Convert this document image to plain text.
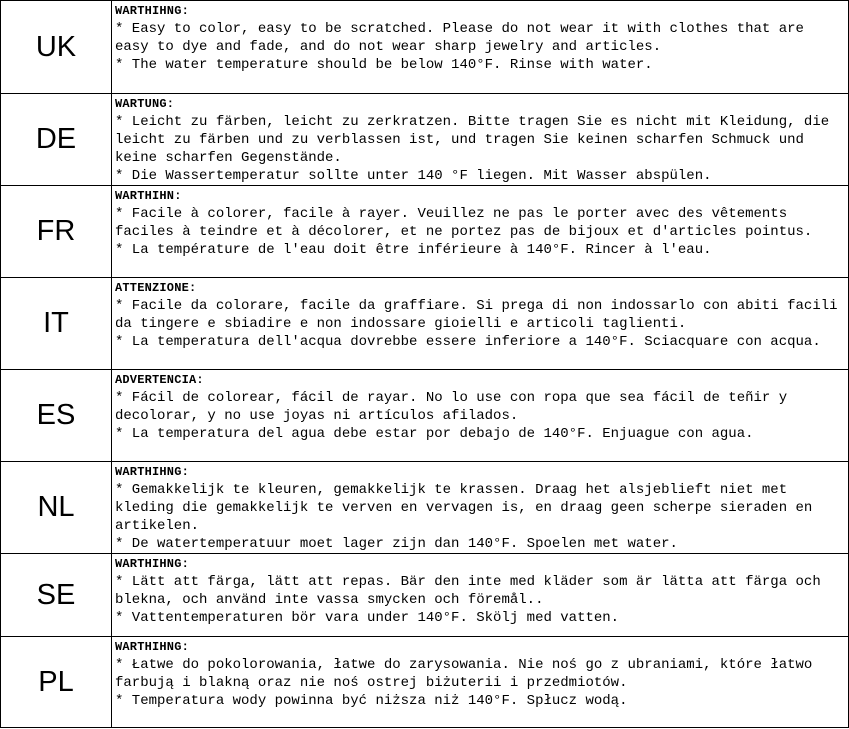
UK	WARTHIHNG:
* Easy to color, easy to be scratched. Please do not wear it with clothes that are easy to dye and fade, and do not wear sharp jewelry and articles.
* The water temperature should be below 140°F. Rinse with water.

DE	WARTUNG:
* Leicht zu färben, leicht zu zerkratzen. Bitte tragen Sie es nicht mit Kleidung, die leicht zu färben und zu verblassen ist, und tragen Sie keinen scharfen Schmuck und keine scharfen Gegenstände.
* Die Wassertemperatur sollte unter 140 °F liegen. Mit Wasser abspülen.

FR	WARTHIHN:
* Facile à colorer, facile à rayer. Veuillez ne pas le porter avec des vêtements faciles à teindre et à décolorer, et ne portez pas de bijoux et d'articles pointus.
* La température de l'eau doit être inférieure à 140°F. Rincer à l'eau.

IT	ATTENZIONE:
* Facile da colorare, facile da graffiare. Si prega di non indossarlo con abiti facili da tingere e sbiadire e non indossare gioielli e articoli taglienti.
* La temperatura dell'acqua dovrebbe essere inferiore a 140°F. Sciacquare con acqua.

ES	ADVERTENCIA:
* Fácil de colorear, fácil de rayar. No lo use con ropa que sea fácil de teñir y decolorar, y no use joyas ni artículos afilados.
* La temperatura del agua debe estar por debajo de 140°F. Enjuague con agua.

NL	WARTHIHNG:
* Gemakkelijk te kleuren, gemakkelijk te krassen. Draag het alsjeblieft niet met kleding die gemakkelijk te verven en vervagen is, en draag geen scherpe sieraden en artikelen.
* De watertemperatuur moet lager zijn dan 140°F. Spoelen met water.

SE	WARTHIHNG:
* Lätt att färga, lätt att repas. Bär den inte med kläder som är lätta att färga och blekna, och använd inte vassa smycken och föremål..
* Vattentemperaturen bör vara under 140°F. Skölj med vatten.

PL	WARTHIHNG:
* Łatwe do pokolorowania, łatwe do zarysowania. Nie noś go z ubraniami, które łatwo farbują i blakną oraz nie noś ostrej biżuterii i przedmiotów.
* Temperatura wody powinna być niższa niż 140°F. Spłucz wodą.
